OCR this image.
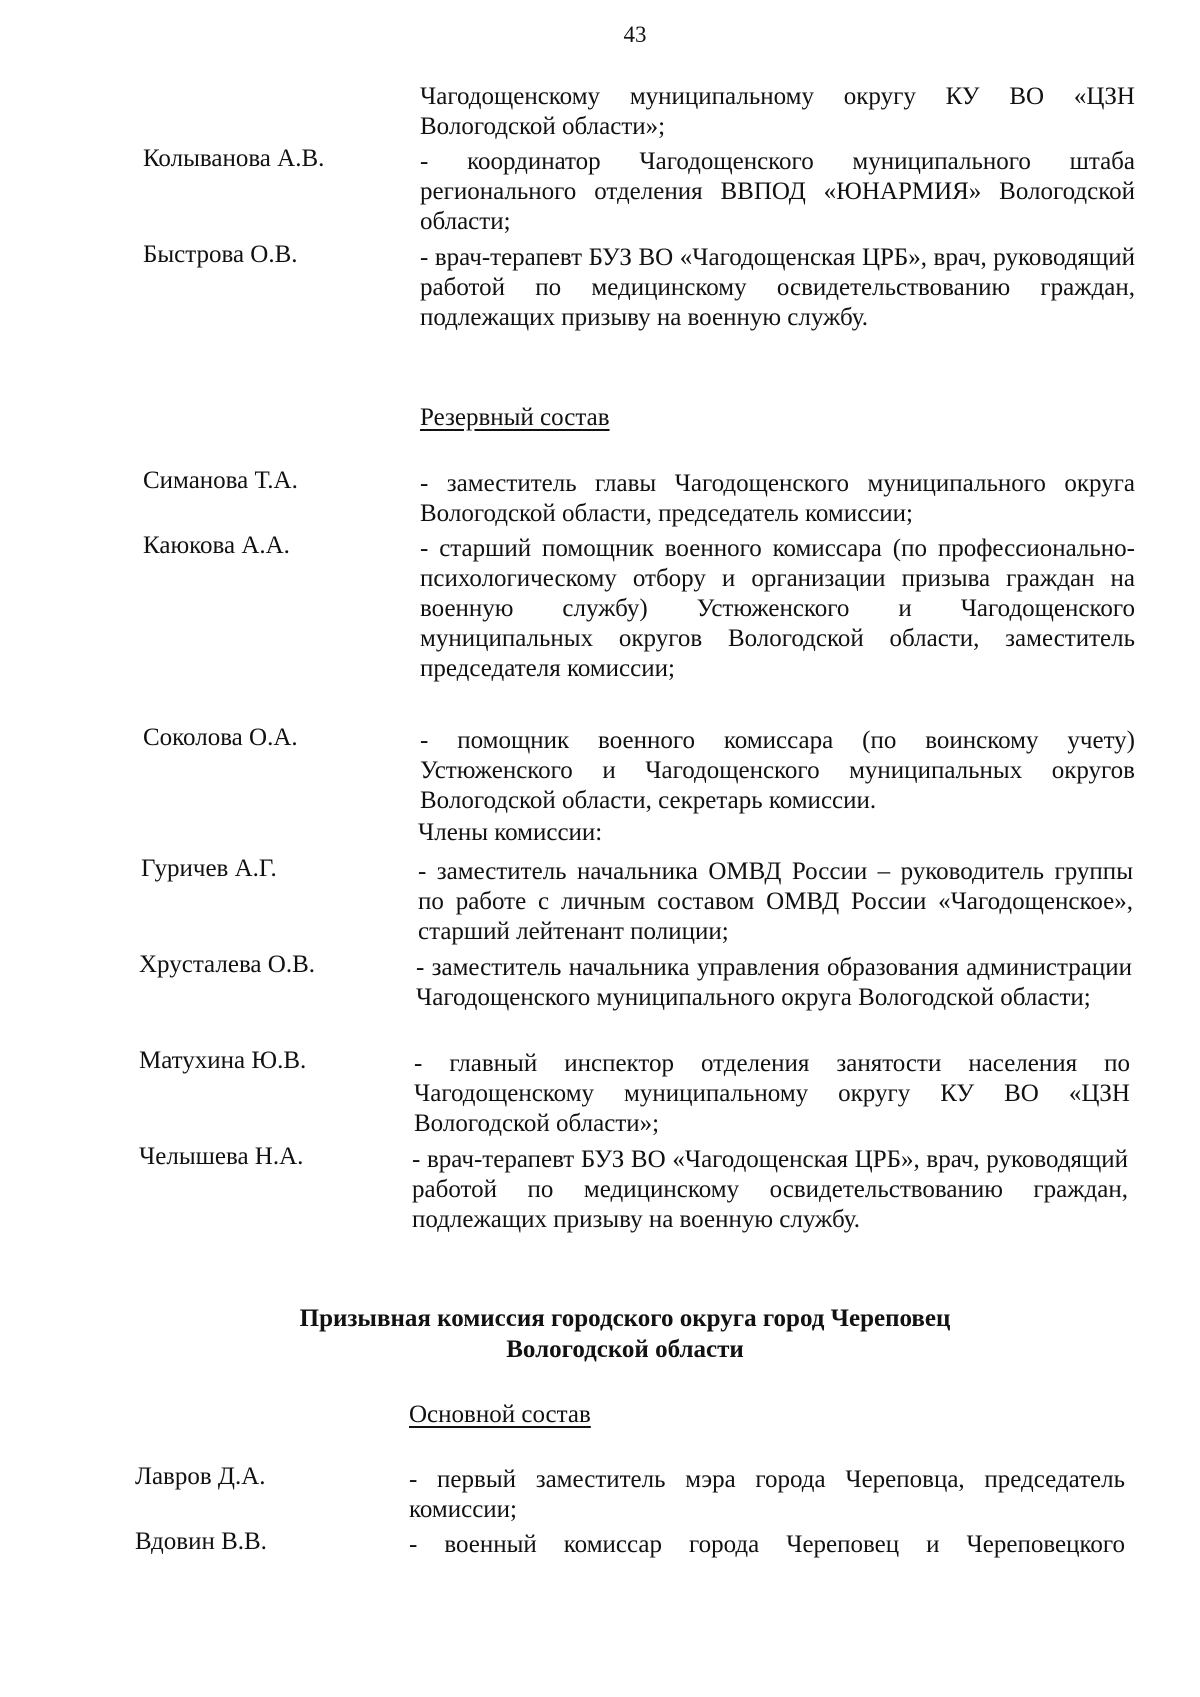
43
Чагодощенскому муниципальному округу КУ ВО «ЦЗН Вологодской области»;
Колыванова А.В.	- координатор Чагодощенского муниципального штаба регионального отделения ВВПОД «ЮНАРМИЯ» Вологодской области;
Быстрова О.В.	- врач-терапевт БУЗ ВО «Чагодощенская ЦРБ», врач, руководящий работой по медицинскому освидетельствованию граждан, подлежащих призыву на военную службу.
Резервный состав
Симанова Т.А.	- заместитель главы Чагодощенского муниципального округа Вологодской области, председатель комиссии;
Каюкова А.А.	- старший помощник военного комиссара (по профессионально-психологическому отбору и организации призыва граждан на военную службу) Устюженского и Чагодощенского муниципальных округов Вологодской области, заместитель председателя комиссии;
Соколова О.А.	- помощник военного комиссара (по воинскому учету) Устюженского и Чагодощенского муниципальных округов Вологодской области, секретарь комиссии.
Члены комиссии:
Гуричев А.Г.	- заместитель начальника ОМВД России – руководитель группы по работе с личным составом ОМВД России «Чагодощенское», старший лейтенант полиции;
Хрусталева О.В.	- заместитель начальника управления образования администрации Чагодощенского муниципального округа Вологодской области;
Матухина Ю.В.	- главный инспектор отделения занятости населения по Чагодощенскому муниципальному округу КУ ВО «ЦЗН Вологодской области»;
Челышева Н.А.	- врач-терапевт БУЗ ВО «Чагодощенская ЦРБ», врач, руководящий работой по медицинскому освидетельствованию граждан, подлежащих призыву на военную службу.
Призывная комиссия городского округа город Череповец
Вологодской области
Основной состав
Лавров Д.А.	- первый заместитель мэра города Череповца, председатель комиссии;
Вдовин В.В.	- военный комиссар города Череповец и Череповецкого
